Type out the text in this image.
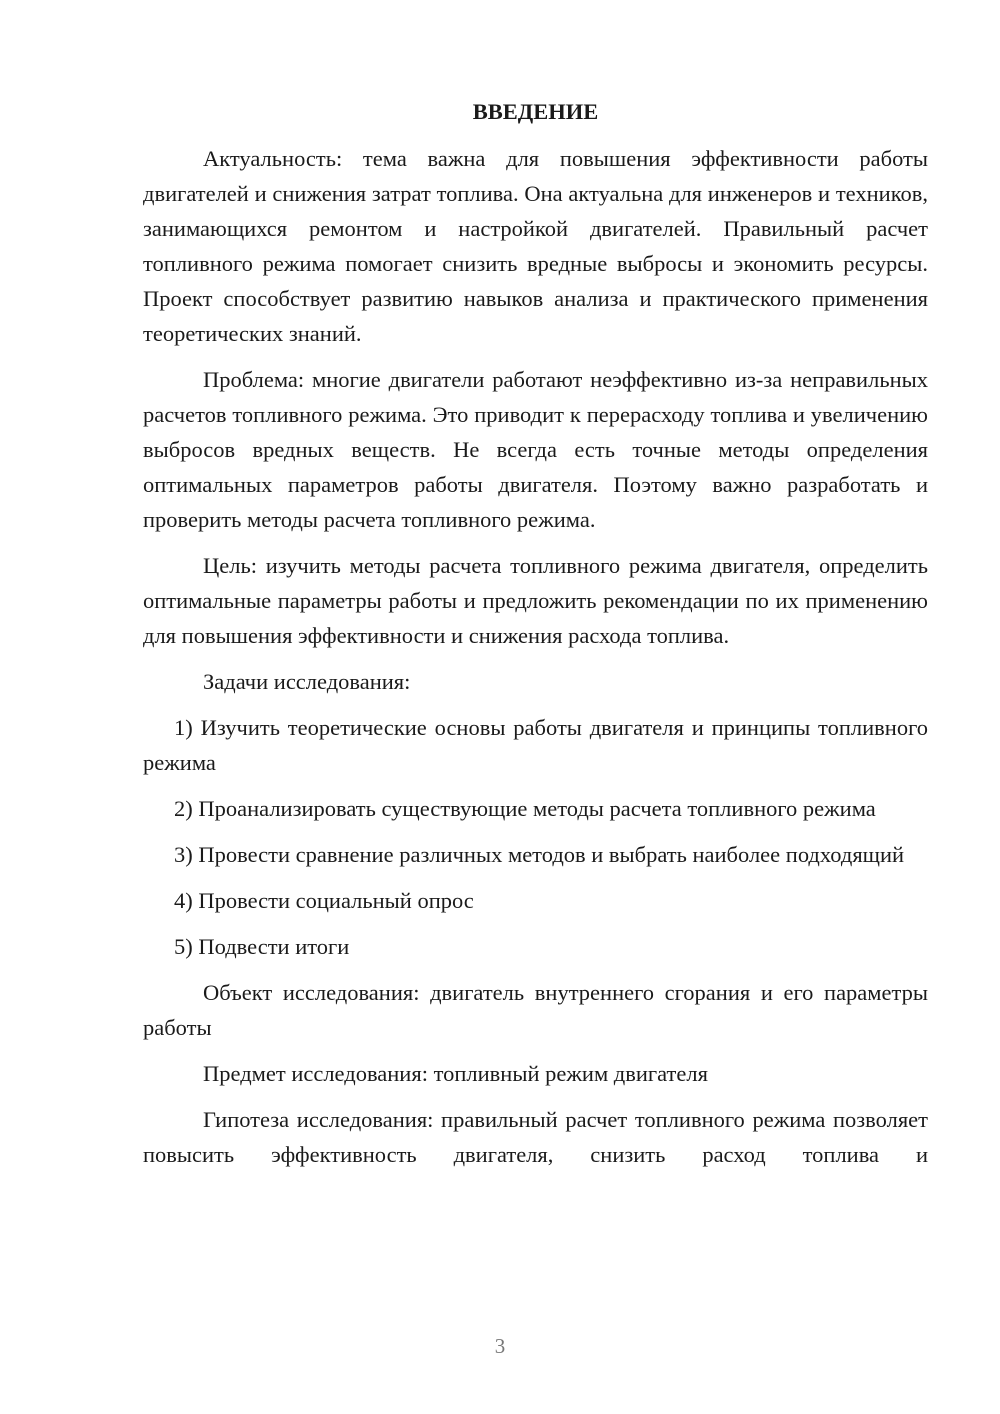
ВВЕДЕНИЕ

Актуальность: тема важна для повышения эффективности работы двигателей и снижения затрат топлива. Она актуальна для инженеров и техников, занимающихся ремонтом и настройкой двигателей. Правильный расчет топливного режима помогает снизить вредные выбросы и экономить ресурсы. Проект способствует развитию навыков анализа и практического применения теоретических знаний.

Проблема: многие двигатели работают неэффективно из-за неправильных расчетов топливного режима. Это приводит к перерасходу топлива и увеличению выбросов вредных веществ. Не всегда есть точные методы определения оптимальных параметров работы двигателя. Поэтому важно разработать и проверить методы расчета топливного режима.

Цель: изучить методы расчета топливного режима двигателя, определить оптимальные параметры работы и предложить рекомендации по их применению для повышения эффективности и снижения расхода топлива.

Задачи исследования:

1) Изучить теоретические основы работы двигателя и принципы топливного режима

2) Проанализировать существующие методы расчета топливного режима

3) Провести сравнение различных методов и выбрать наиболее подходящий

4) Провести социальный опрос

5) Подвести итоги

Объект исследования: двигатель внутреннего сгорания и его параметры работы

Предмет исследования: топливный режим двигателя

Гипотеза исследования: правильный расчет топливного режима позволяет повысить эффективность двигателя, снизить расход топлива и

3
